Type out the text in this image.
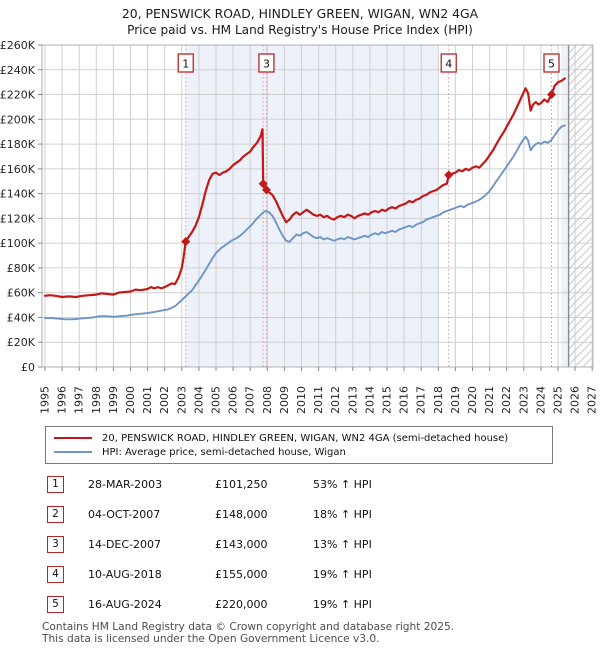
20, PENSWICK ROAD, HINDLEY GREEN, WIGAN, WN2 4GA
Price paid vs. HM Land Registry's House Price Index (HPI)
1995 1996 1997 1998 1999 2000 2001 2002 2003 2004 2005 2006 2007 2008 2009 2010 2011 2012 2013 2014 2015 2016 2017 2018 2019 2020 2021 2022 2023 2024 2025 2026 2027
£0
£20K
£40K
£60K
£80K
£100K
£120K
£140K
£160K
£180K
£200K
£220K
£240K
£260K
1	3	4	5
20, PENSWICK ROAD, HINDLEY GREEN, WIGAN, WN2 4GA (semi-detached house)
HPI: Average price, semi-detached house, Wigan
1	28-MAR-2003	£101,250	53% ↑ HPI
2	04-OCT-2007	£148,000	18% ↑ HPI
3	14-DEC-2007	£143,000	13% ↑ HPI
4	10-AUG-2018	£155,000	19% ↑ HPI
5	16-AUG-2024	£220,000	19% ↑ HPI
Contains HM Land Registry data © Crown copyright and database right 2025.
This data is licensed under the Open Government Licence v3.0.
